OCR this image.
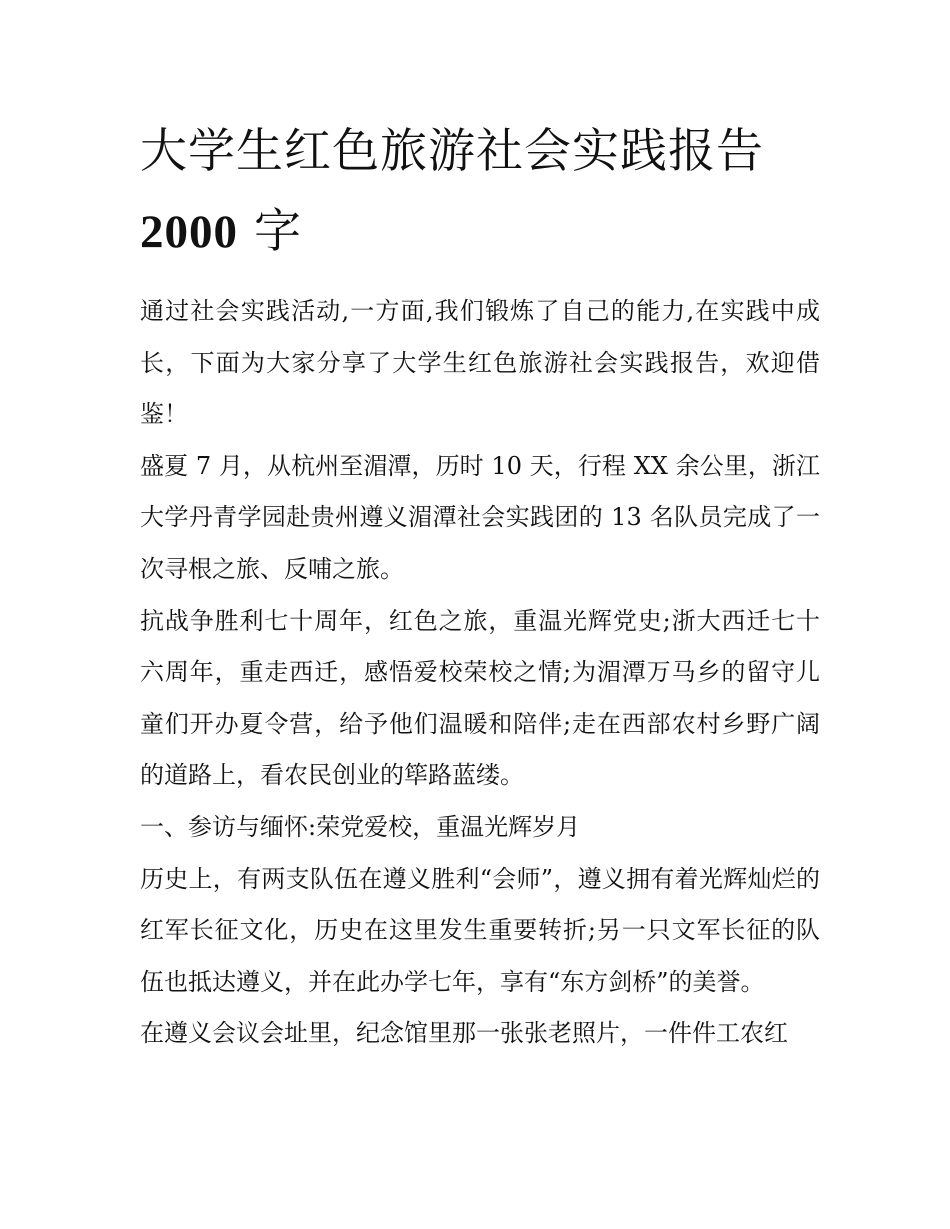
大学生红色旅游社会实践报告2000 字

通过社会实践活动,一方面,我们锻炼了自己的能力,在实践中成长，下面为大家分享了大学生红色旅游社会实践报告，欢迎借鉴！

盛夏 7 月，从杭州至湄潭，历时 10 天，行程 XX 余公里，浙江大学丹青学园赴贵州遵义湄潭社会实践团的 13 名队员完成了一次寻根之旅、反哺之旅。

抗战争胜利七十周年，红色之旅，重温光辉党史;浙大西迁七十六周年，重走西迁，感悟爱校荣校之情;为湄潭万马乡的留守儿童们开办夏令营，给予他们温暖和陪伴;走在西部农村乡野广阔的道路上，看农民创业的筚路蓝缕。

一、参访与缅怀:荣党爱校，重温光辉岁月

历史上，有两支队伍在遵义胜利“会师”，遵义拥有着光辉灿烂的红军长征文化，历史在这里发生重要转折;另一只文军长征的队伍也抵达遵义，并在此办学七年，享有“东方剑桥”的美誉。

在遵义会议会址里，纪念馆里那一张张老照片，一件件工农红
